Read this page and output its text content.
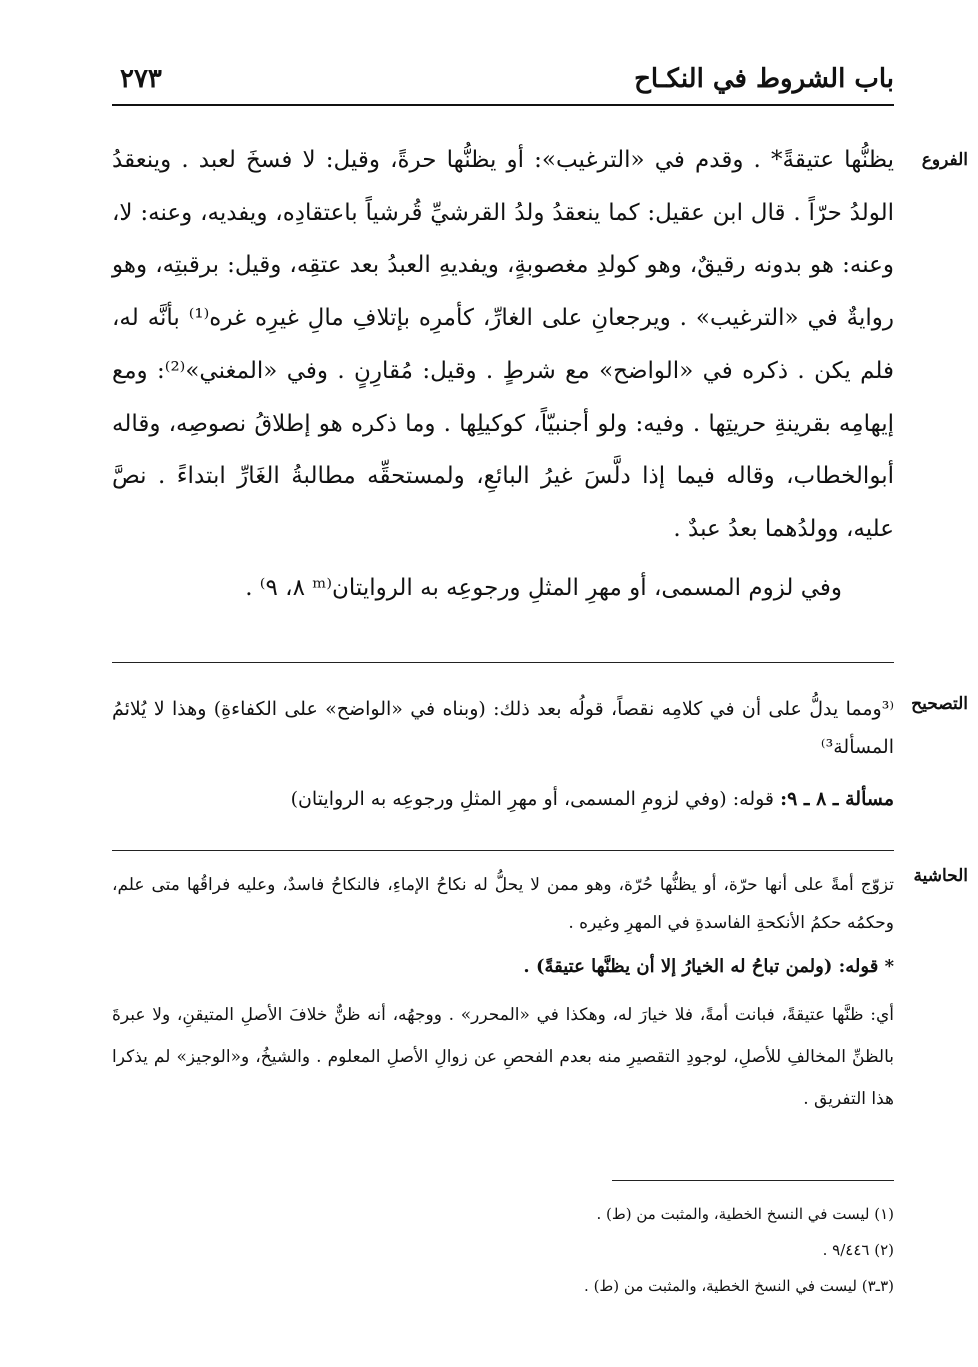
باب الشروط في النكـاح
٢٧٣
الفروع

يظنُّها عتيقةً* . وقدم في «الترغيب»: أو يظنُّها حرةً، وقيل: لا فسخَ لعبد . وينعقدُ الولدُ حرّاً . قال ابن عقيل: كما ينعقدُ ولدُ القرشيِّ قُرشياً باعتقادِه، ويفديه، وعنه: لا، وعنه: هو بدونه رقيقٌ، وهو كولدِ مغصوبةٍ، ويفديهِ العبدُ بعد عتقِه، وقيل: برقبتِه، وهو روايةٌ في «الترغيب» . ويرجعانِ على الغارِّ، كأمرِه بإتلافِ مالِ غيرِه غره⁽¹⁾ بأنَّه له، فلم يكن . ذكره في «الواضح» مع شرطٍ . وقيل: مُقارِنٍ . وفي «المغني»⁽²⁾: ومع إيهامِه بقرينةِ حريتِها . وفيه: ولو أجنبيّاً، كوكيلِها . وما ذكره هو إطلاقُ نصوصِه، وقاله أبوالخطاب، وقاله فيما إذا دلَّسَ غيرُ البائعِ، ولمستحقِّه مطالبةُ الغَارِّ ابتداءً . نصَّ عليه، وولدُهما بعدُ عبدٌ .

وفي لزوم المسمى، أو مهرِ المثلِ ورجوعِه به الروايتان⁽ᵐ ٨، ٩⁾ .

التصحيح

⁽³ومما يدلُّ على أن في كلامِه نقصاً، قولُه بعد ذلك: (وبناه في «الواضح» على الكفاءةِ) وهذا لا يُلائمُ المسألة³⁾

مسألة ـ ٨ ـ ٩: قوله: (وفي لزومِ المسمى، أو مهرِ المثلِ ورجوعِه به الروايتان)

الحاشية

تزوّج أمةً على أنها حرّة، أو يظنُّها حُرّة، وهو ممن لا يحلُّ له نكاحُ الإماءِ، فالنكاحُ فاسدٌ، وعليه فراقُها متى علم، وحكمُه حكمُ الأنكحةِ الفاسدةِ في المهرِ وغيره .

* قوله: (ولمن تباحُ له الخيارُ إلا أن يظنَّها عتيقةً) .

أي: ظنَّها عتيقةً، فبانت أمةً، فلا خيارَ له، وهكذا في «المحرر» . ووجهُه، أنه ظنٌّ خلافَ الأصلِ المتيقنِ، ولا عبرةَ بالظنِّ المخالفِ للأصلِ، لوجودِ التقصيرِ منه بعدم الفحصِ عن زوالِ الأصلِ المعلوم . والشيخُ، و«الوجيز» لم يذكرا هذا التفريق .

(١) ليست في النسخ الخطية، والمثبت من (ط) .
(٢) ٩/٤٤٦ .
(٣ـ٣) ليست في النسخ الخطية، والمثبت من (ط) .
